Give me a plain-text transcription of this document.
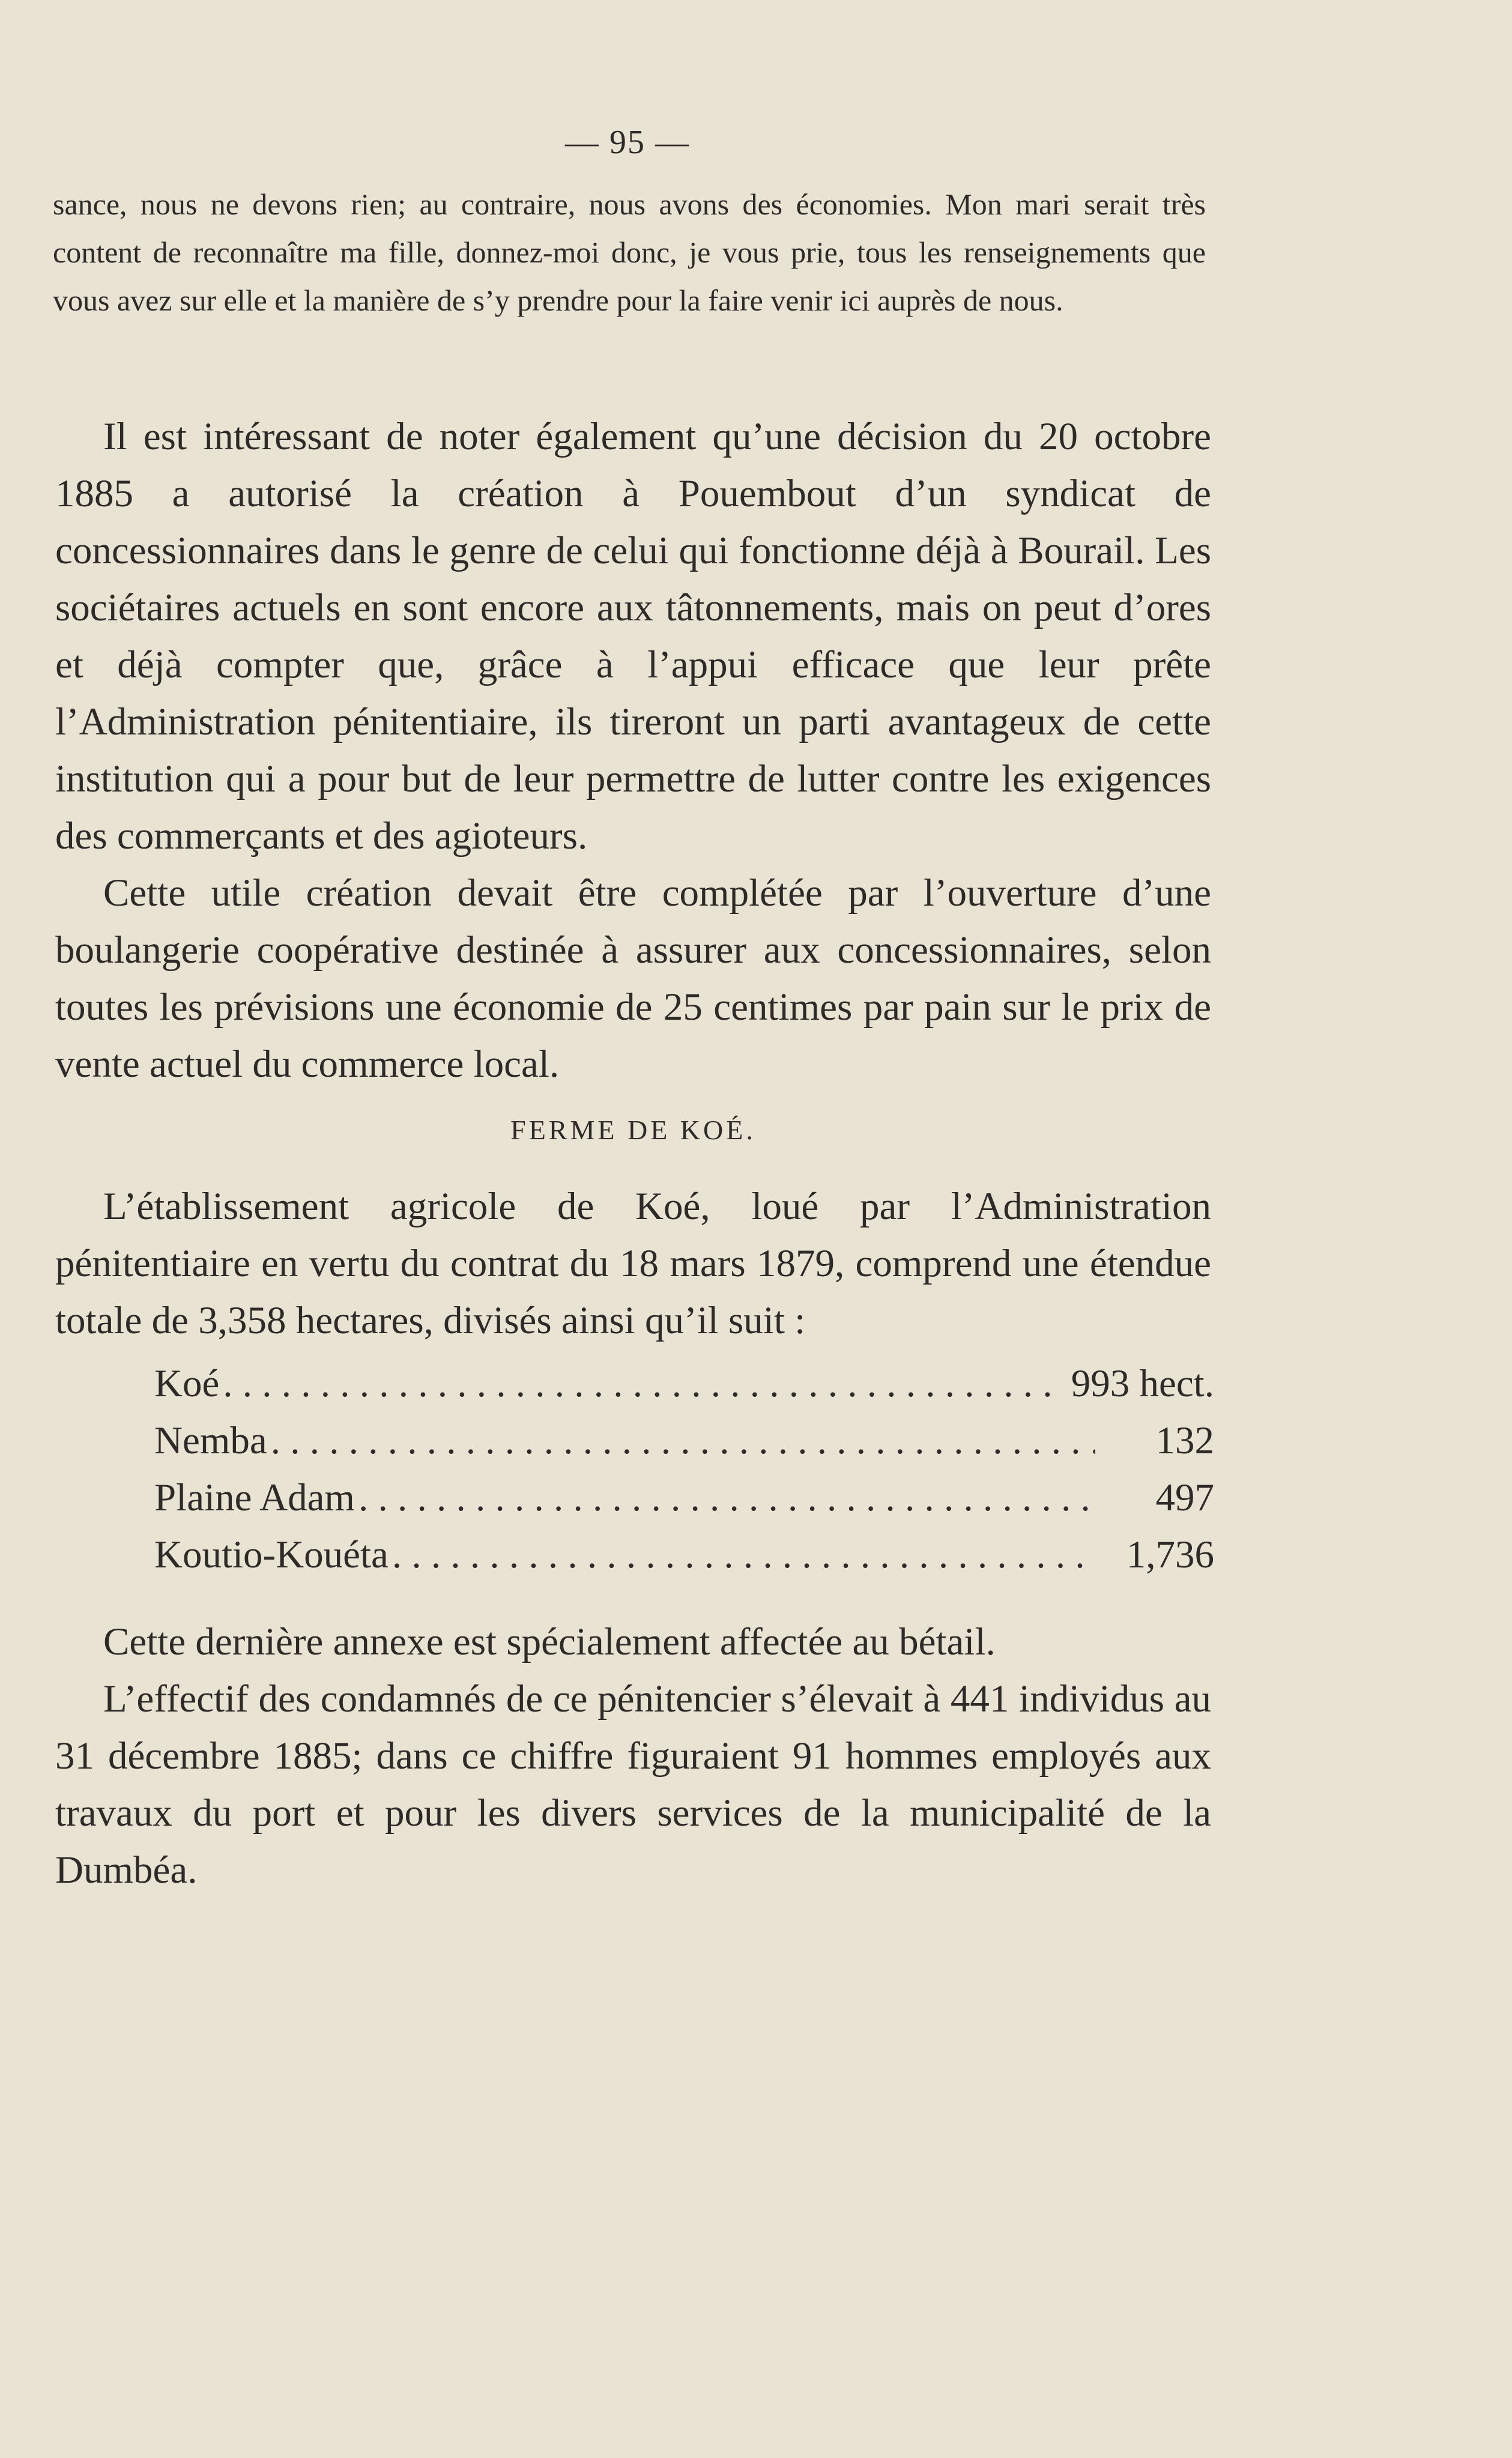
— 95 —
sance, nous ne devons rien; au contraire, nous avons des économies. Mon mari serait très content de reconnaître ma fille, donnez-moi donc, je vous prie, tous les renseignements que vous avez sur elle et la manière de s’y prendre pour la faire venir ici auprès de nous.

Il est intéressant de noter également qu’une décision du 20 octobre 1885 a autorisé la création à Pouembout d’un syndicat de concessionnaires dans le genre de celui qui fonctionne déjà à Bourail. Les sociétaires actuels en sont encore aux tâtonnements, mais on peut d’ores et déjà compter que, grâce à l’appui efficace que leur prête l’Administration pénitentiaire, ils tireront un parti avantageux de cette institution qui a pour but de leur permettre de lutter contre les exigences des commerçants et des agioteurs.

Cette utile création devait être complétée par l’ouverture d’une boulangerie coopérative destinée à assurer aux concessionnaires, selon toutes les prévisions une économie de 25 centimes par pain sur le prix de vente actuel du commerce local.

FERME DE KOÉ.

L’établissement agricole de Koé, loué par l’Administration pénitentiaire en vertu du contrat du 18 mars 1879, comprend une étendue totale de 3,358 hectares, divisés ainsi qu’il suit :

Koé . . .	993 hect.
Nemba . . .	132
Plaine Adam . . .	497
Koutio-Kouéta . . .	1,736

Cette dernière annexe est spécialement affectée au bétail.

L’effectif des condamnés de ce pénitencier s’élevait à 441 individus au 31 décembre 1885; dans ce chiffre figuraient 91 hommes employés aux travaux du port et pour les divers services de la municipalité de la Dumbéa.
